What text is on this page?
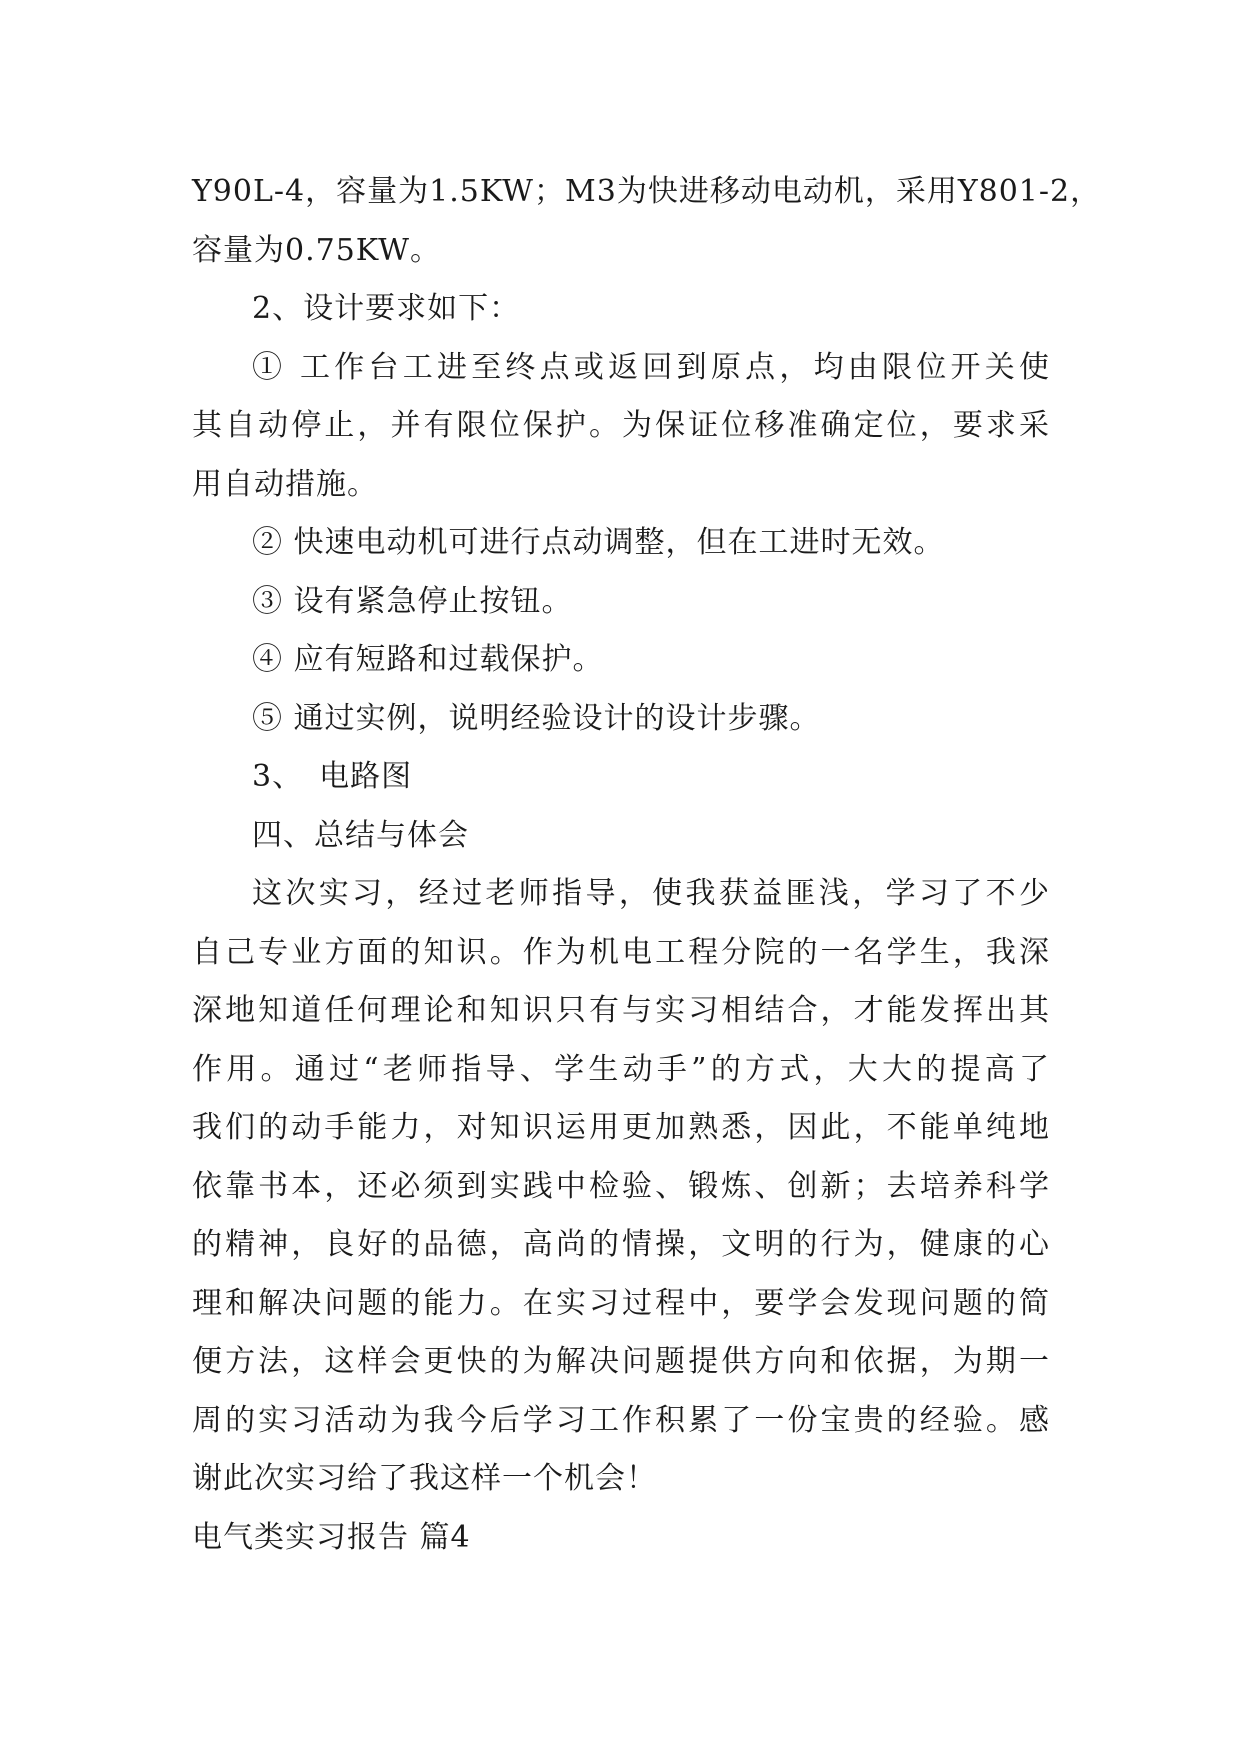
Y90L-4，容量为1.5KW；M3为快进移动电动机，采用Y801-2，
容量为0.75KW。
2、设计要求如下：
① 工作台工进至终点或返回到原点，均由限位开关使
其自动停止，并有限位保护。为保证位移准确定位，要求采
用自动措施。
② 快速电动机可进行点动调整，但在工进时无效。
③ 设有紧急停止按钮。
④ 应有短路和过载保护。
⑤ 通过实例，说明经验设计的设计步骤。
3、　电路图
四、总结与体会
这次实习，经过老师指导，使我获益匪浅，学习了不少
自己专业方面的知识。作为机电工程分院的一名学生，我深
深地知道任何理论和知识只有与实习相结合，才能发挥出其
作用。通过“老师指导、学生动手”的方式，大大的提高了
我们的动手能力，对知识运用更加熟悉，因此，不能单纯地
依靠书本，还必须到实践中检验、锻炼、创新；去培养科学
的精神，良好的品德，高尚的情操，文明的行为，健康的心
理和解决问题的能力。在实习过程中，要学会发现问题的简
便方法，这样会更快的为解决问题提供方向和依据，为期一
周的实习活动为我今后学习工作积累了一份宝贵的经验。感
谢此次实习给了我这样一个机会！
电气类实习报告 篇4
